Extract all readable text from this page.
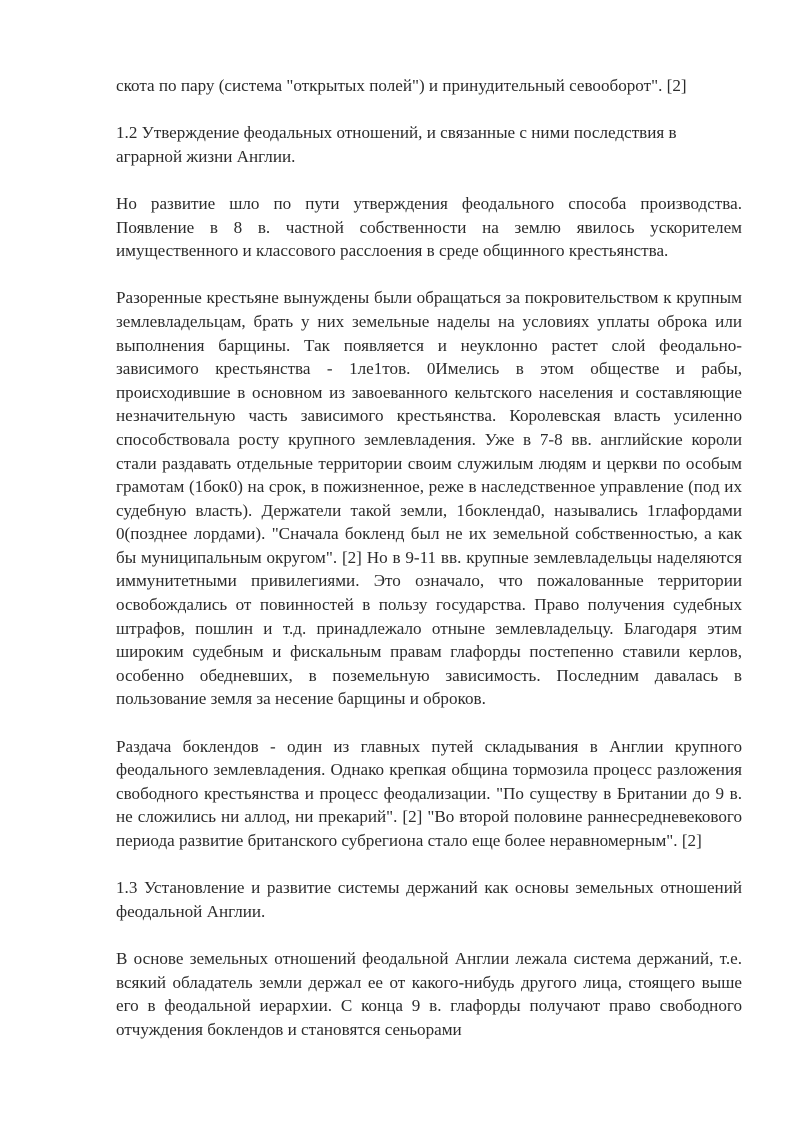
скота по пару (система "открытых полей") и принудительный севооборот". [2]

1.2 Утверждение феодальных отношений, и связанные с ними последствия в аграрной жизни Англии.

Но развитие шло по пути утверждения феодального способа производства. Появление в 8 в. частной собственности на землю явилось ускорителем имущественного и классового расслоения в среде общинного крестьянства.

Разоренные крестьяне вынуждены были обращаться за покровительством к крупным землевладельцам, брать у них земельные наделы на условиях уплаты оброка или выполнения барщины. Так появляется и неуклонно растет слой феодально-зависимого крестьянства - 1ле1тов. 0Имелись в этом обществе и рабы, происходившие в основном из завоеванного кельтского населения и составляющие незначительную часть зависимого крестьянства. Королевская власть усиленно способствовала росту крупного землевладения. Уже в 7-8 вв. английские короли стали раздавать отдельные территории своим служилым людям и церкви по особым грамотам (1бок0) на срок, в пожизненное, реже в наследственное управление (под их судебную власть). Держатели такой земли, 1бокленда0, назывались 1глафордами 0(позднее лордами). "Сначала бокленд был не их земельной собственностью, а как бы муниципальным округом". [2] Но в 9-11 вв. крупные землевладельцы наделяются иммунитетными привилегиями. Это означало, что пожалованные территории освобождались от повинностей в пользу государства. Право получения судебных штрафов, пошлин и т.д. принадлежало отныне землевладельцу. Благодаря этим широким судебным и фискальным правам глафорды постепенно ставили керлов, особенно обедневших, в поземельную зависимость. Последним давалась в пользование земля за несение барщины и оброков.

Раздача боклендов - один из главных путей складывания в Англии крупного феодального землевладения. Однако крепкая община тормозила процесс разложения свободного крестьянства и процесс феодализации. "По существу в Британии до 9 в. не сложились ни аллод, ни прекарий". [2] "Во второй половине раннесредневекового периода развитие британского субрегиона стало еще более неравномерным". [2]

1.3 Установление и развитие системы держаний как основы земельных отношений феодальной Англии.

В основе земельных отношений феодальной Англии лежала система держаний, т.е. всякий обладатель земли держал ее от какого-нибудь другого лица, стоящего выше его в феодальной иерархии. С конца 9 в. глафорды получают право свободного отчуждения боклендов и становятся сеньорами
